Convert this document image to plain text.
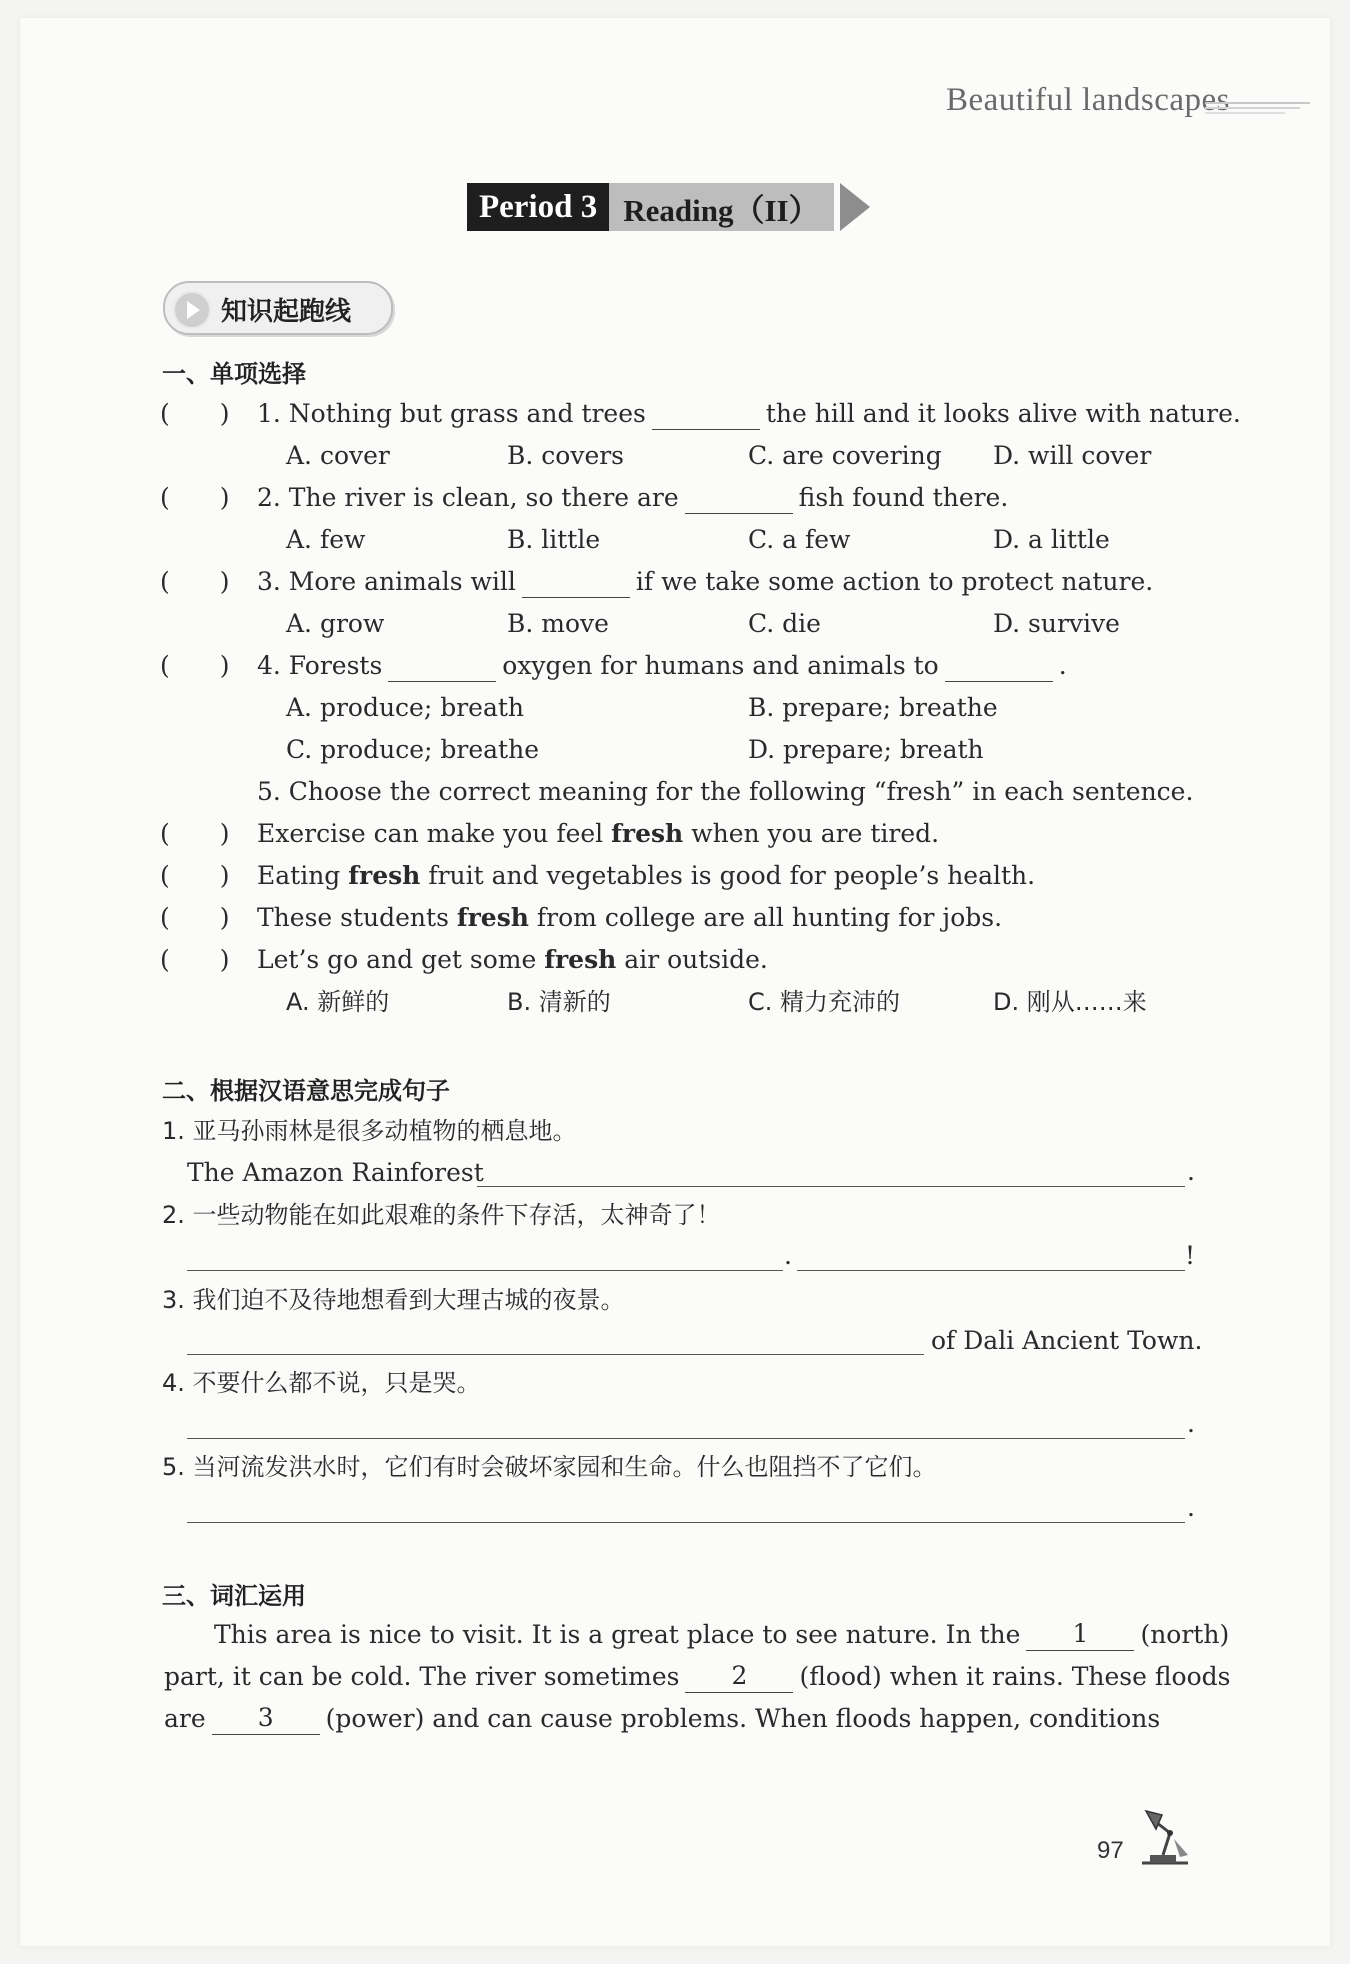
Beautiful landscapes
Period 3 Reading（II）
知识起跑线
一、单项选择
(　　) 1. Nothing but grass and trees	the hill and it looks alive with nature.
A. cover	B. covers	C. are covering D. will cover
(　　) 2. The river is clean, so there are	fish found there.
A. few	B. little	C. a few	D. a little
(　　) 3. More animals will	if we take some action to protect nature.
A. grow	B. move	C. die	D. survive
(　　) 4. Forests	oxygen for humans and animals to	.
A. produce; breath	B. prepare; breathe
C. produce; breathe	D. prepare; breath
5. Choose the correct meaning for the following “fresh” in each sentence.
(　　) Exercise can make you feel fresh when you are tired.
(　　) Eating fresh fruit and vegetables is good for people’s health.
(　　) These students fresh from college are all hunting for jobs.
(　　) Let’s go and get some fresh air outside.
A. 新鲜的	B. 清新的	C. 精力充沛的	D. 刚从……来
二、根据汉语意思完成句子
1. 亚马孙雨林是很多动植物的栖息地。
The Amazon Rainforest	.
2. 一些动物能在如此艰难的条件下存活，太神奇了！
.	!
3. 我们迫不及待地想看到大理古城的夜景。
of Dali Ancient Town.
4. 不要什么都不说，只是哭。
.
5. 当河流发洪水时，它们有时会破坏家园和生命。什么也阻挡不了它们。
.
三、词汇运用
This area is nice to visit. It is a great place to see nature. In the 1 (north)
part, it can be cold. The river sometimes 2 (flood) when it rains. These floods
are 3 (power) and can cause problems. When floods happen, conditions
97
